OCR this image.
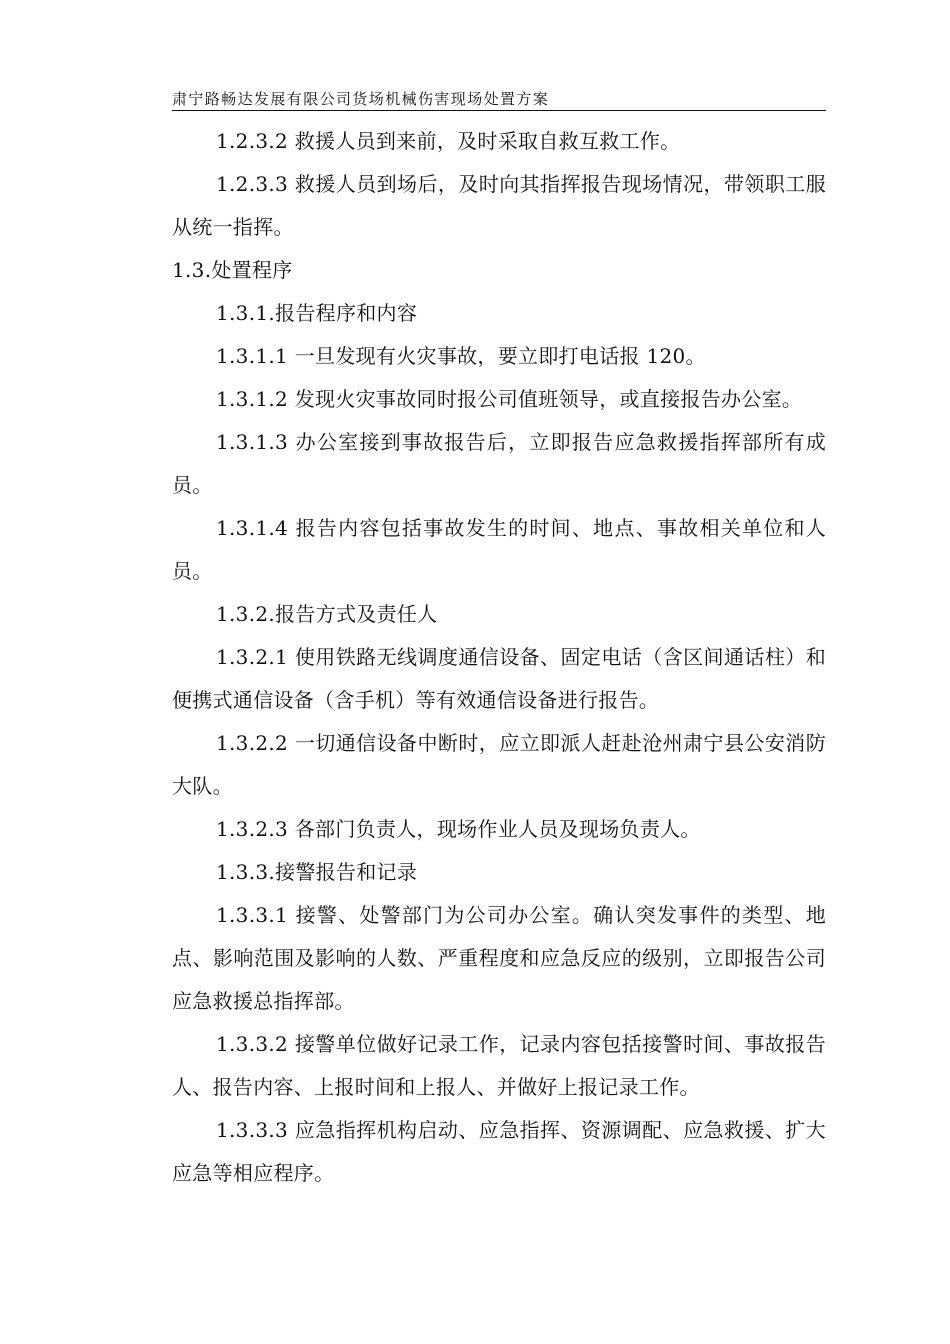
肃宁路畅达发展有限公司货场机械伤害现场处置方案

1.2.3.2 救援人员到来前，及时采取自救互救工作。

1.2.3.3 救援人员到场后，及时向其指挥报告现场情况，带领职工服从统一指挥。

1.3.处置程序

1.3.1.报告程序和内容

1.3.1.1 一旦发现有火灾事故，要立即打电话报 120。

1.3.1.2 发现火灾事故同时报公司值班领导，或直接报告办公室。

1.3.1.3 办公室接到事故报告后，立即报告应急救援指挥部所有成员。

1.3.1.4 报告内容包括事故发生的时间、地点、事故相关单位和人员。

1.3.2.报告方式及责任人

1.3.2.1 使用铁路无线调度通信设备、固定电话（含区间通话柱）和便携式通信设备（含手机）等有效通信设备进行报告。

1.3.2.2 一切通信设备中断时，应立即派人赶赴沧州肃宁县公安消防大队。

1.3.2.3 各部门负责人，现场作业人员及现场负责人。

1.3.3.接警报告和记录

1.3.3.1 接警、处警部门为公司办公室。确认突发事件的类型、地点、影响范围及影响的人数、严重程度和应急反应的级别，立即报告公司应急救援总指挥部。

1.3.3.2 接警单位做好记录工作，记录内容包括接警时间、事故报告人、报告内容、上报时间和上报人、并做好上报记录工作。

1.3.3.3 应急指挥机构启动、应急指挥、资源调配、应急救援、扩大应急等相应程序。
